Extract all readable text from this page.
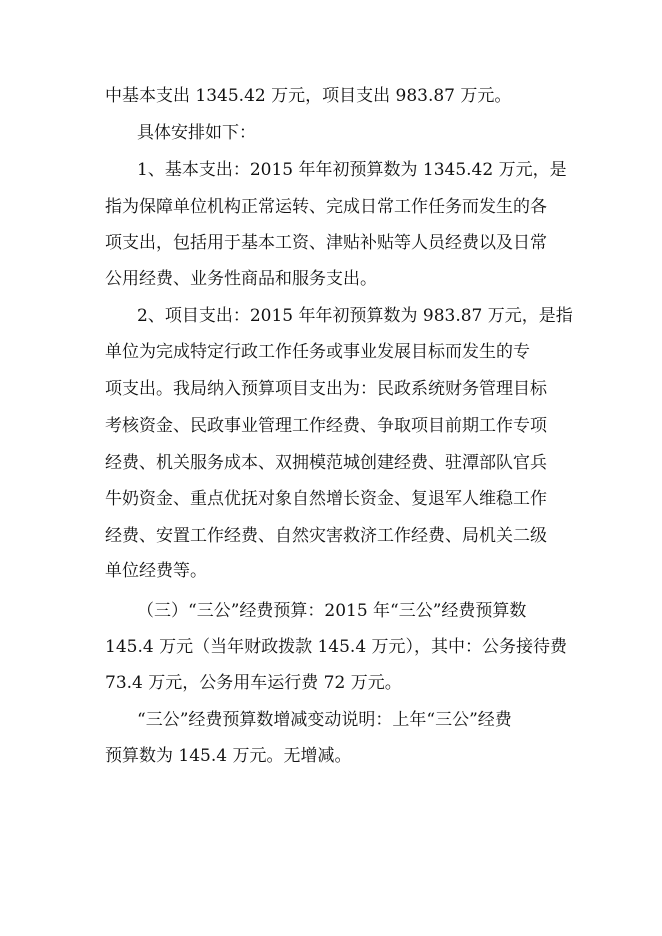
中基本支出 1345.42 万元，项目支出 983.87 万元。
具体安排如下：
1、基本支出：2015 年年初预算数为 1345.42 万元，是
指为保障单位机构正常运转、完成日常工作任务而发生的各
项支出，包括用于基本工资、津贴补贴等人员经费以及日常
公用经费、业务性商品和服务支出。
2、项目支出：2015 年年初预算数为 983.87 万元，是指
单位为完成特定行政工作任务或事业发展目标而发生的专
项支出。我局纳入预算项目支出为：民政系统财务管理目标
考核资金、民政事业管理工作经费、争取项目前期工作专项
经费、机关服务成本、双拥模范城创建经费、驻潭部队官兵
牛奶资金、重点优抚对象自然增长资金、复退军人维稳工作
经费、安置工作经费、自然灾害救济工作经费、局机关二级
单位经费等。
（三）“三公”经费预算：2015 年“三公”经费预算数
145.4 万元（当年财政拨款 145.4 万元），其中：公务接待费
73.4 万元，公务用车运行费 72 万元。
“三公”经费预算数增减变动说明：上年“三公”经费
预算数为 145.4 万元。无增减。
